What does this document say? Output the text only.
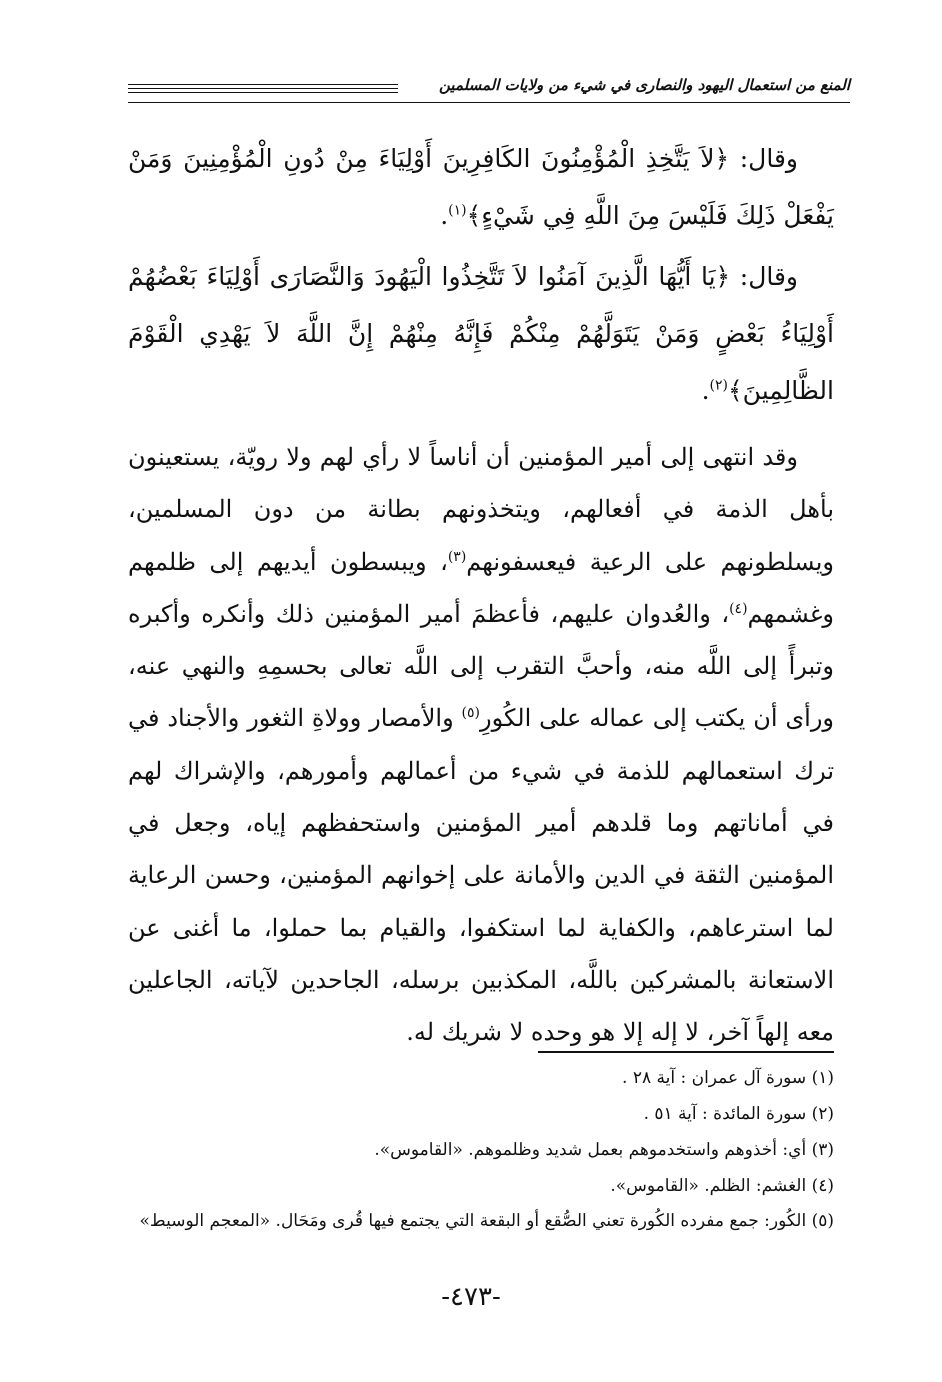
المنع من استعمال اليهود والنصارى في شيء من ولايات المسلمين

وقال: ﴿لاَ يَتَّخِذِ الْمُؤْمِنُونَ الكَافِرِينَ أَوْلِيَاءَ مِنْ دُونِ الْمُؤْمِنِينَ وَمَنْ يَفْعَلْ ذَلِكَ فَلَيْسَ مِنَ اللَّهِ فِي شَيْءٍ﴾$^{(١)}$.

وقال: ﴿يَا أَيُّهَا الَّذِينَ آمَنُوا لاَ تَتَّخِذُوا الْيَهُودَ وَالنَّصَارَى أَوْلِيَاءَ بَعْضُهُمْ أَوْلِيَاءُ بَعْضٍ وَمَنْ يَتَوَلَّهُمْ مِنْكُمْ فَإِنَّهُ مِنْهُمْ إِنَّ اللَّهَ لاَ يَهْدِي الْقَوْمَ الظَّالِمِينَ﴾$^{(٢)}$.

وقد انتهى إلى أمير المؤمنين أن أناساً لا رأي لهم ولا رويّة، يستعينون بأهل الذمة في أفعالهم، ويتخذونهم بطانة من دون المسلمين، ويسلطونهم على الرعية فيعسفونهم$^{(٣)}$، ويبسطون أيديهم إلى ظلمهم وغشمهم$^{(٤)}$، والعُدوان عليهم، فأعظمَ أمير المؤمنين ذلك وأنكره وأكبره وتبرأً إلى اللَّه منه، وأحبَّ التقرب إلى اللَّه تعالى بحسمِهِ والنهي عنه، ورأى أن يكتب إلى عماله على الكُورِ$^{(٥)}$ والأمصار وولاةِ الثغور والأجناد في ترك استعمالهم للذمة في شيء من أعمالهم وأمورهم، والإشراك لهم في أماناتهم وما قلدهم أمير المؤمنين واستحفظهم إياه، وجعل في المؤمنين الثقة في الدين والأمانة على إخوانهم المؤمنين، وحسن الرعاية لما استرعاهم، والكفاية لما استكفوا، والقيام بما حملوا، ما أغنى عن الاستعانة بالمشركين باللَّه، المكذبين برسله، الجاحدين لآياته، الجاعلين معه إلهاً آخر، لا إله إلا هو وحده لا شريك له.

(١) سورة آل عمران : آية ٢٨ .

(٢) سورة المائدة : آية ٥١ .

(٣) أي: أخذوهم واستخدموهم بعمل شديد وظلموهم. «القاموس».

(٤) الغشم: الظلم. «القاموس».

(٥) الكُور: جمع مفرده الكُورة تعني الصُّقع أو البقعة التي يجتمع فيها قُرى ومَحَال. «المعجم الوسيط»

-٤٧٣-
